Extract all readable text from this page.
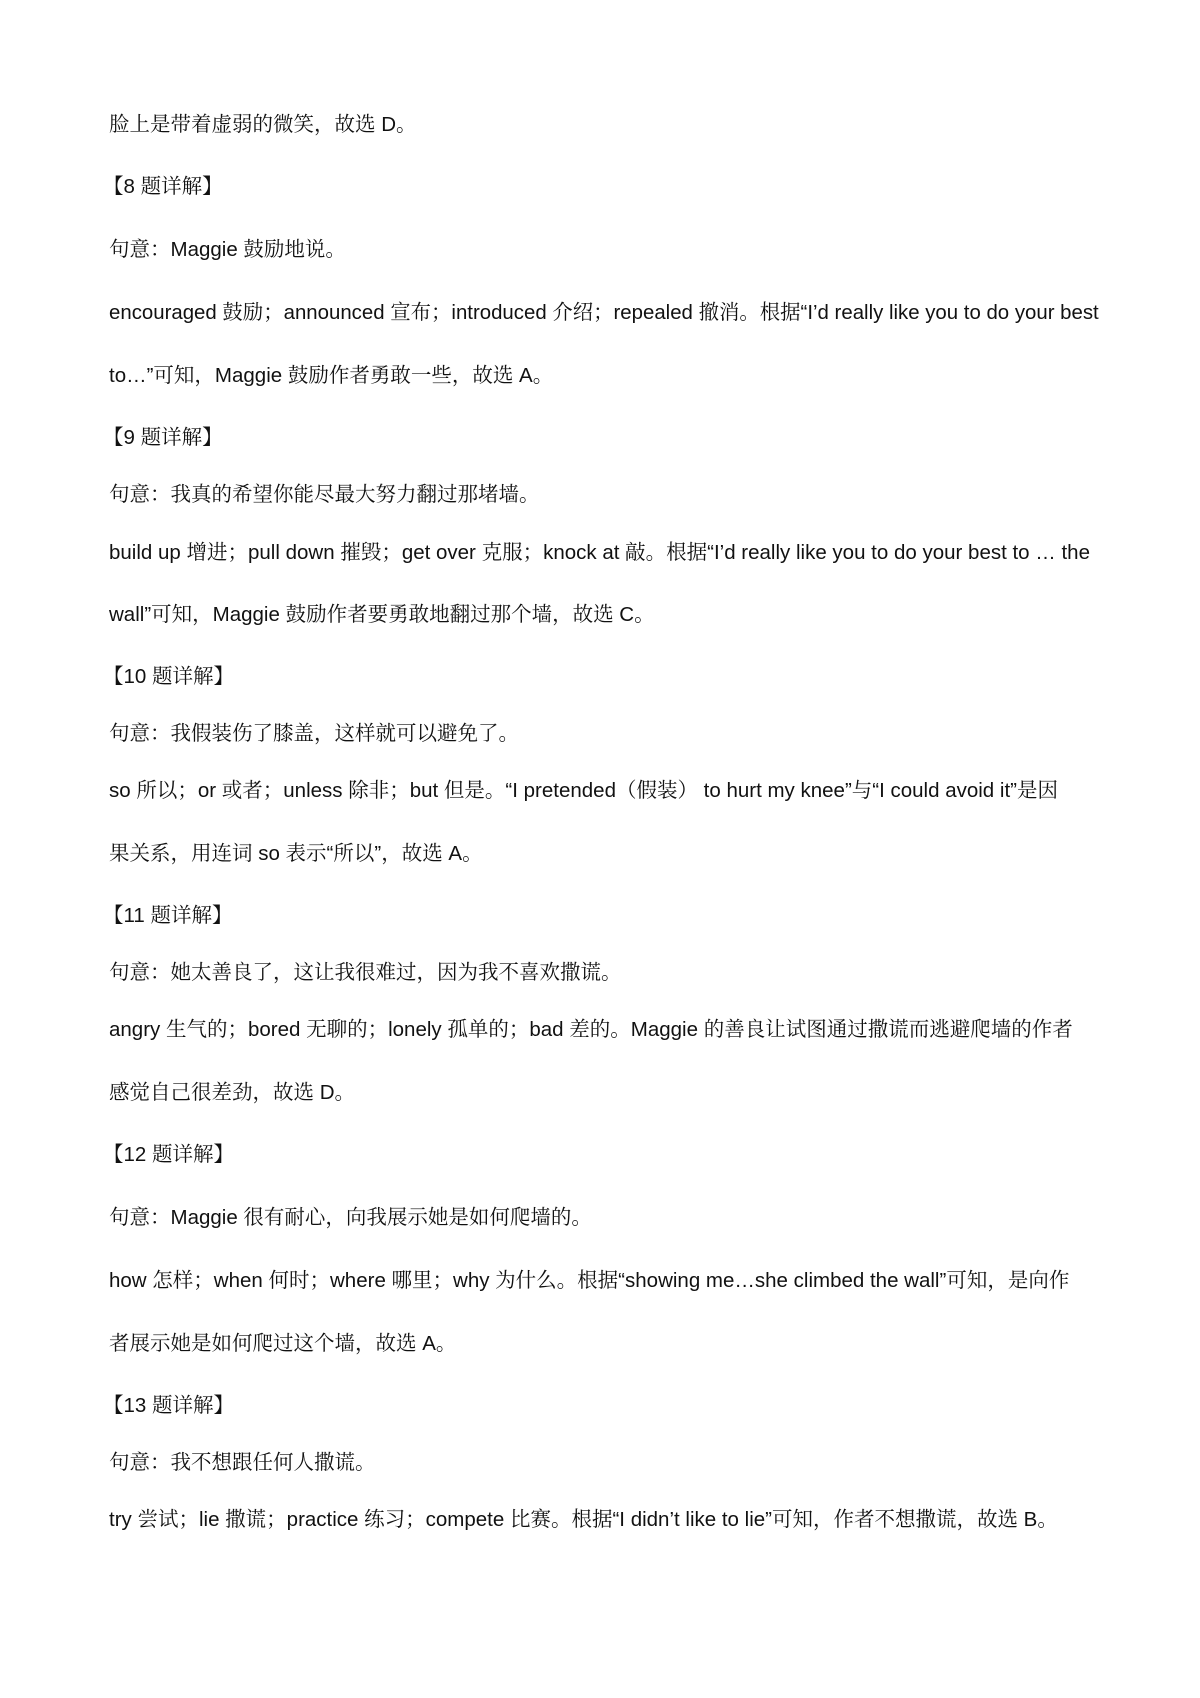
脸上是带着虚弱的微笑，故选 D。
【8 题详解】
句意：Maggie 鼓励地说。
encouraged 鼓励；announced 宣布；introduced 介绍；repealed 撤消。根据“I’d really like you to do your best
to…”可知，Maggie 鼓励作者勇敢一些，故选 A。
【9 题详解】
句意：我真的希望你能尽最大努力翻过那堵墙。
build up 增进；pull down 摧毁；get over 克服；knock at 敲。根据“I’d really like you to do your best to … the
wall”可知，Maggie 鼓励作者要勇敢地翻过那个墙，故选 C。
【10 题详解】
句意：我假装伤了膝盖，这样就可以避免了。
so 所以；or 或者；unless 除非；but 但是。“I pretended（假装） to hurt my knee”与“I could avoid it”是因
果关系，用连词 so 表示“所以”，故选 A。
【11 题详解】
句意：她太善良了，这让我很难过，因为我不喜欢撒谎。
angry 生气的；bored 无聊的；lonely 孤单的；bad 差的。Maggie 的善良让试图通过撒谎而逃避爬墙的作者
感觉自己很差劲，故选 D。
【12 题详解】
句意：Maggie 很有耐心，向我展示她是如何爬墙的。
how 怎样；when 何时；where 哪里；why 为什么。根据“showing me…she climbed the wall”可知，是向作
者展示她是如何爬过这个墙，故选 A。
【13 题详解】
句意：我不想跟任何人撒谎。
try 尝试；lie 撒谎；practice 练习；compete 比赛。根据“I didn’t like to lie”可知，作者不想撒谎，故选 B。
